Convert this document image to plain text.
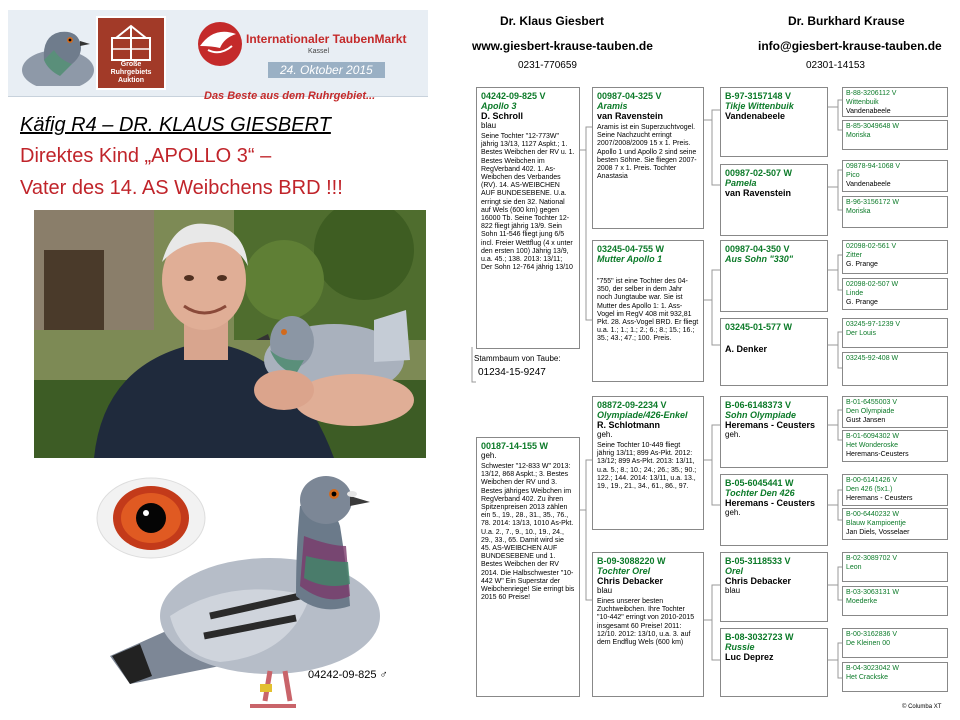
Große Ruhrgebiets Auktion
Internationaler TaubenMarkt
Kassel
24. Oktober 2015
Das Beste aus dem Ruhrgebiet...
Käfig R4 – DR. KLAUS GIESBERT
Direktes Kind „APOLLO 3“ –
Vater des 14. AS Weibchens BRD !!!
04242-09-825 ♂
Dr. Klaus Giesbert	Dr. Burkhard Krause
www.giesbert-krause-tauben.de	info@giesbert-krause-tauben.de
0231-770659	02301-14153
04242-09-825 V
Apollo 3
D. Schroll
blau
Seine Tochter "12-773W" jährig 13/13, 1127 Aspkt.; 1. Bestes Weibchen der RV u. 1. Bestes Weibchen im RegVerband 402. 1. As-Weibchen des Verbandes (RV). 14. AS-WEIBCHEN AUF BUNDESEBENE. U.a. erringt sie den 32. National auf Wels (600 km) gegen 16000 Tb. Seine Tochter 12-822 fliegt jährig 13/9. Sein Sohn 11-546 fliegt jung 6/5 incl. Freier Wettflug (4 x unter den ersten 100) Jährig 13/9, u.a. 45.; 138. 2013: 13/11; Der Sohn 12-764 jährig 13/10
Stammbaum von Taube:
01234-15-9247
00187-14-155 W
geh.
Schwester "12-833 W" 2013: 13/12, 868 Aspkt.; 3. Bestes Weibchen der RV und 3. Bestes jähriges Weibchen im RegVerband 402. Zu ihren Spitzenpreisen 2013 zählen ein 5., 19., 28., 31., 35., 76., 78. 2014: 13/13, 1010 As-Pkt. U.a. 2., 7., 9., 10., 19., 24., 29., 33., 65. Damit wird sie 45. AS-WEIBCHEN AUF BUNDESEBENE und 1. Bestes Weibchen der RV 2014. Die Halbschwester "10-442 W" Ein Superstar der Weibchenriege! Sie erringt bis 2015 60 Preise!
00987-04-325 V
Aramis
van Ravenstein
Aramis ist ein Superzuchtvogel. Seine Nachzucht erringt 2007/2008/2009 15 x 1. Preis. Apollo 1 und Apollo 2 sind seine besten Söhne. Sie fliegen 2007-2008 7 x 1. Preis. Tochter Anastasia
03245-04-755 W
Mutter Apollo 1
"755" ist eine Tochter des 04-350, der selber in dem Jahr noch Jungtaube war. Sie ist Mutter des Apollo 1: 1. Ass-Vogel im RegV 408 mit 932,81 Pkt. 28. Ass-Vogel BRD. Er fliegt u.a. 1.; 1.; 1.; 2.; 6.; 8.; 15.; 16.; 35.; 43.; 47.; 100. Preis.
08872-09-2234 V
Olympiade/426-Enkel
R. Schlotmann
geh.
Seine Tochter 10-449 fliegt jährig 13/11; 899 As-Pkt. 2012: 13/12; 899 As-Pkt. 2013: 13/11, u.a. 5.; 8.; 10.; 24.; 26.; 35.; 90.; 122.; 144. 2014: 13/11, u.a. 13., 19., 19., 21., 34., 61., 86., 97.
B-09-3088220 W
Tochter Orel
Chris Debacker
blau
Eines unserer besten Zuchtweibchen. Ihre Tochter "10-442" erringt von 2010-2015 insgesamt 60 Preise! 2011: 12/10. 2012: 13/10, u.a. 3. auf dem Endflug Wels (600 km)
B-97-3157148 V
Tikje Wittenbuik
Vandenabeele
00987-02-507 W
Pamela
van Ravenstein
00987-04-350 V
Aus Sohn "330"
03245-01-577 W
A. Denker
B-06-6148373 V
Sohn Olympiade
Heremans - Ceusters
geh.
B-05-6045441 W
Tochter Den 426
Heremans - Ceusters
geh.
B-05-3118533 V
Orel
Chris Debacker
blau
B-08-3032723 W
Russie
Luc Deprez
B-88-3206112 V
Wittenbuik
Vandenabeele
B-85-3049648 W
Moriska
09878-94-1068 V
Pico
Vandenabeele
B-96-3156172 W
Moriska
02098-02-561 V
Zitter
G. Prange
02098-02-507 W
Linde
G. Prange
03245-97-1239 V
Der Louis
03245-92-408 W
B-01-6455003 V
Den Olympiade
Gust Jansen
B-01-6094302 W
Het Wonderoske
Heremans-Ceusters
B-00-6141426 V
Den 426 (5x1.)
Heremans - Ceusters
B-00-6440232 W
Blauw Kampioentje
Jan Diels, Vosselaer
B-02-3089702 V
Leon
B-03-3063131 W
Moederke
B-00-3162836 V
De Kleinen 00
B-04-3023042 W
Het Crackske
© Columba XT
